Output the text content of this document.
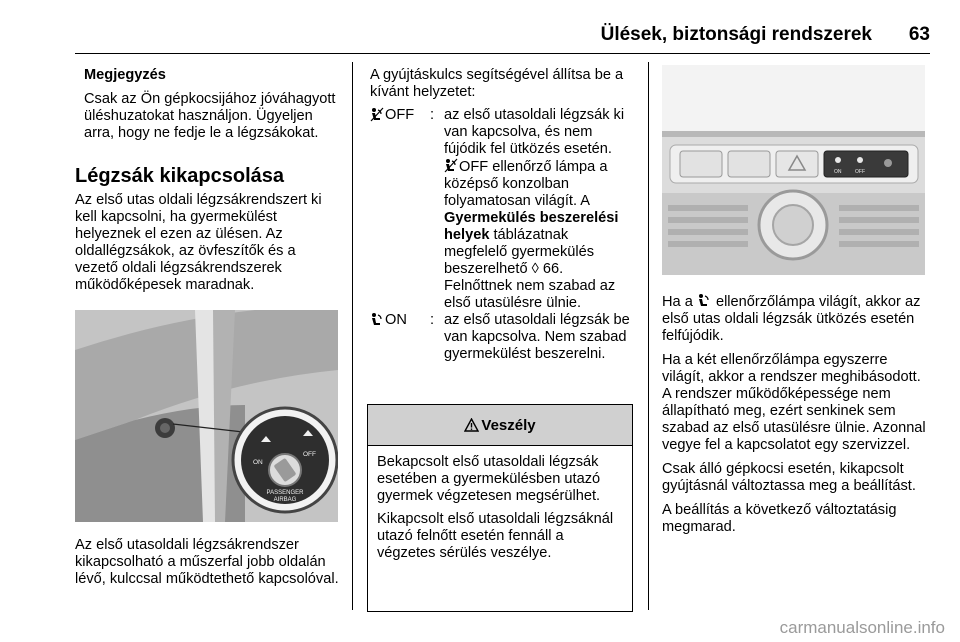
Ülések, biztonsági rendszerek	63

Megjegyzés

Csak az Ön gépkocsijához jóváhagyott üléshuzatokat használjon. Ügyeljen arra, hogy ne fedje le a légzsákokat.

Légzsák kikapcsolása

Az első utas oldali légzsákrendszert ki kell kapcsolni, ha gyermekülést helyeznek el ezen az ülésen. Az oldallégzsákok, az övfeszítők és a vezető oldali légzsákrendszerek működőképesek maradnak.

ON
OFF
PASSENGER
AIRBAG
Az első utasoldali légzsákrendszer kikapcsolható a műszerfal jobb oldalán lévő, kulccsal működtethető kapcsolóval.

A gyújtáskulcs segítségével állítsa be a kívánt helyzetet:

OFF : az első utasoldali légzsák ki van kapcsolva, és nem fújódik fel ütközés esetén.
OFF ellenőrző lámpa a középső konzolban folyamatosan világít. A Gyermekülés beszerelési helyek táblázatnak megfelelő gyermekülés beszerelhető ◊ 66. Felnőttnek nem szabad az első utasülésre ülnie.
ON : az első utasoldali légzsák be van kapcsolva. Nem szabad gyermekülést beszerelni.
Veszély

Bekapcsolt első utasoldali légzsák esetében a gyermekülésben utazó gyermek végzetesen megsérülhet.

Kikapcsolt első utasoldali légzsáknál utazó felnőtt esetén fennáll a végzetes sérülés veszélye.

ON	OFF

Ha a ellenőrzőlámpa világít, akkor az első utas oldali légzsák ütközés esetén felfújódik.

Ha a két ellenőrzőlámpa egyszerre világít, akkor a rendszer meghibásodott. A rendszer működőképessége nem állapítható meg, ezért senkinek sem szabad az első utasülésre ülnie. Azonnal vegye fel a kapcsolatot egy szervizzel.

Csak álló gépkocsi esetén, kikapcsolt gyújtásnál változtassa meg a beállítást.

A beállítás a következő változtatásig megmarad.

carmanualsonline.info
